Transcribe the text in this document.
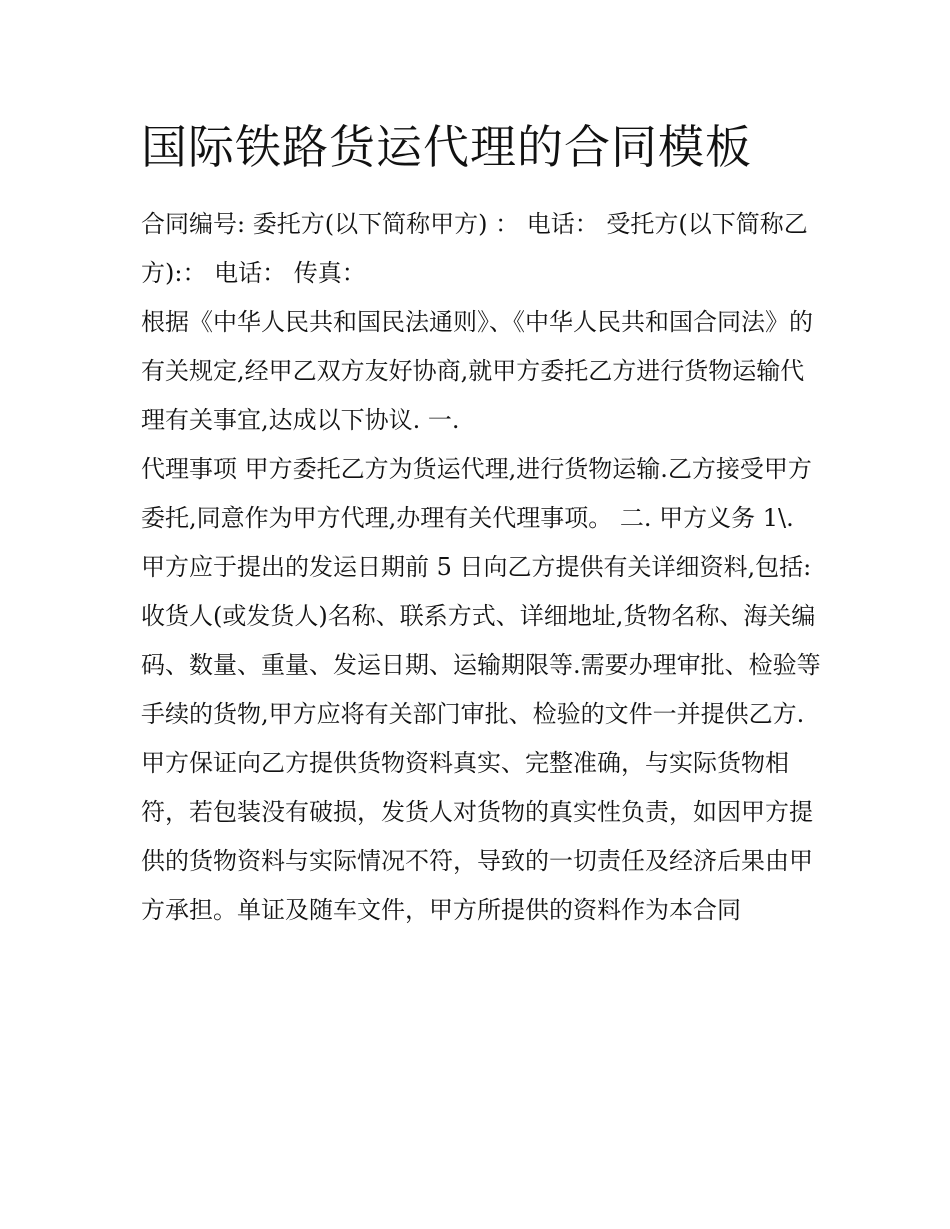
国际铁路货运代理的合同模板

合同编号: 委托方(以下简称甲方) ： 电话： 受托方(以下简称乙方):： 电话： 传真：

根据《中华人民共和国民法通则》、《中华人民共和国合同法》的有关规定,经甲乙双方友好协商,就甲方委托乙方进行货物运输代理有关事宜,达成以下协议. 一.

代理事项 甲方委托乙方为货运代理,进行货物运输.乙方接受甲方委托,同意作为甲方代理,办理有关代理事项。 二. 甲方义务 1\.

甲方应于提出的发运日期前 5 日向乙方提供有关详细资料,包括:

收货人(或发货人)名称、联系方式、详细地址,货物名称、海关编码、数量、重量、发运日期、运输期限等.需要办理审批、检验等手续的货物,甲方应将有关部门审批、检验的文件一并提供乙方.

甲方保证向乙方提供货物资料真实、完整准确，与实际货物相符，若包装没有破损，发货人对货物的真实性负责，如因甲方提供的货物资料与实际情况不符，导致的一切责任及经济后果由甲方承担。单证及随车文件，甲方所提供的资料作为本合同
